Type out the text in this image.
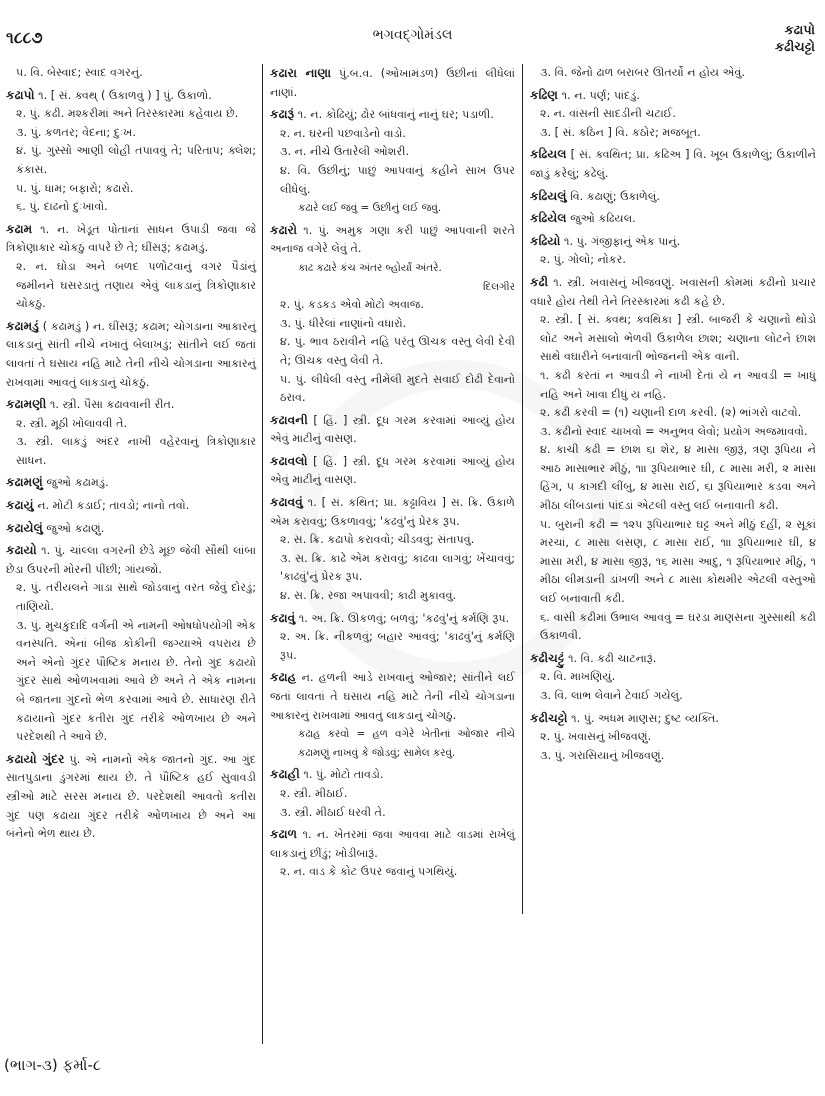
૧૮૮૭	ભગવદ્ગોમંડલ	કઢાપો
કઢીચટ્ટો
૫. વિ. બેસ્વાદ; સ્વાદ વગરનું.
કઢાપો ૧. [ સં. ક્વથ્ ( ઉકાળવું ) ] પું. ઉકાળો.
૨. પું. કઢી. મશ્કરીમાં અને તિરસ્કારમાં કહેવાય છે.
૩. પું. કળતર; વેદના; દુઃખ.
૪. પું. ગુસ્સો આણી લોહી તપાવવું તે; પરિતાપ; ક્લેશ; કંકાસ.
૫. પું. ધામ; બફારો; કઢારો.
૬. પું. દાઢનો દુઃખાવો.
કઢામ ૧. ન. ખેડૂત પોતાનાં સાધન ઉપાડી જવા જે ત્રિકોણાકાર ચોકઠું વાપરે છે તે; ઘીંસરૂં; કઢામડું.
૨. ન. ઘોડા અને બળદ પળોટવાનું વગર પૈડાંનું જમીનને ઘસરડાતું તણાય એવું લાકડાનું ત્રિકોણાકાર ચોકઠું.
કઢામડું ( કઢામડું ) ન. ઘીંસરૂં; કઢામ; ચોગડાના આકારનું લાકડાનું સાંતી નીચે નંખાતું બેલાખડું; સાંતીને લઈ જતાં લાવતાં તે ઘસાય નહિ માટે તેની નીચે ચોગડાના આકારનું રાખવામાં આવતું લાકડાનું ચોકઠું.
કઢામણી ૧. સ્ત્રી. પૈસા કઢાવવાની રીત.
૨. સ્ત્રી. મૂઠી ખોલાવવી તે.
૩. સ્ત્રી. લાકડું અંદર નાખી વહેરવાનું ત્રિકોણાકાર સાધન.
કઢામણું જુઓ કઢામડું.
કઢાયું ન. મોટી કડાઈ; તાવડો; નાનો તવો.
કઢાયેલું જુઓ કઢાણું.
કઢાયો ૧. પું. ચાંલ્લા વગરની છેડે મૂછ જેવી સૌથી લાંબા છેડા ઉપરની મોરની પીંછી; ગાંયજો.
૨. પું. તરીયલને ગાડા સાથે જોડવાનું વરત જેવું દોરડું; તાણિયો.
૩. પું. મુચકુંદાદિ વર્ગની એ નામની ઓષધોપયોગી એક વનસ્પતિ. એનાં બીજ કોકીની જગ્યાએ વપરાય છે અને એનો ગુંદર પૌષ્ટિક મનાય છે. તેનો ગુંદ કઢાયો ગુંદર સાથે ઓળખવામાં આવે છે અને તે એક નામના બે જાતના ગુંદનો ભેળ કરવામાં આવે છે. સાધારણ રીતે કઢાયાનો ગુંદર કતીરા ગુંદ તરીકે ઓળખાય છે અને પરદેશથી તે આવે છે.
કઢાયો ગુંદર પું. એ નામનો એક જાતનો ગુંદ. આ ગુંદ સાતપુડાના ડુંગરમાં થાય છે. તે પૌષ્ટિક હઈ સુવાવડી સ્ત્રીઓ માટે સરસ મનાય છે. પરદેશથી આવતો કતીરા ગુંદ પણ કઢાયા ગુંદર તરીકે ઓળખાય છે અને આ બંનેનો ભેળ થાય છે.
કઢારા નાણા પું.બ.વ. (ઓખામંડળ) ઉછીનાં લીધેલાં નાણાં.
કઢારૂં ૧. ન. કોઢિયું; ઢોર બાંધવાનું નાનું ઘર; પડાળી.
૨. ન. ઘરની પછવાડેનો વાડો.
૩. ન. નીચે ઉતારેલી ઓશરી.
૪. વિ. ઉછીનું; પાછું આપવાનું કહીને સાખ ઉપર લીધેલું.
કઢારે લઈ જવું = ઉછીનું લઈ જવું.
કઢારો ૧. પું. અમુક ગણા કરી પાછું આપવાની શરતે અનાજ વગેરે લેવું તે.
કાઢ કઢારે કંચ અંતર બ્હોર્યાં અંતરે.
દિલગીર
૨. પું. કડકડ એવો મોટો અવાજ.
૩. પું. ધીરેલાં નાણાંનો વધારો.
૪. પું. ભાવ ઠરાવીને નહિ પરંતુ ઊચક વસ્તુ લેવી દેવી તે; ઊચક વસ્તુ લેવી તે.
૫. પું. લીધેલી વસ્તુ નીમેલી મુદતે સવાઈ દોઢી દેવાનો ઠરાવ.
કઢાવની [ હિં. ] સ્ત્રી. દૂધ ગરમ કરવામાં આવ્યું હોય એવું માટીનું વાસણ.
કઢાવલો [ હિં. ] સ્ત્રી. દૂધ ગરમ કરવામાં આવ્યું હોય એવું માટીનું વાસણ.
કઢાવવું ૧. [ સં. કથિત; પ્રા. કઢ્ઢાવિય ] સ. ક્રિ. ઉકાળે એમ કરાવવું; ઉકળાવવું; 'કઢવું'નું પ્રેરક રૂપ.
૨. સ. ક્રિ. કઢાપો કરાવવો; ચીડવવું; સંતાપવું.
૩. સ. ક્રિ. કાઢે એમ કરાવવું; કાઢવા લાગવું; ખેંચાવવું; 'કાઢવું'નું પ્રેરક રૂપ.
૪. સ. ક્રિ. રજા અપાવવી; કાઢી મુકાવવું.
કઢાવું ૧. અ. ક્રિ. ઊકળવું; બળવું; 'કઢવું'નું કર્મણિ રૂપ.
૨. અ. ક્રિ. નીકળવું; બહાર આવવું; 'કાઢવું'નું કર્મણિ રૂપ.
કઢાહ ન. હળની આડે રાખવાનું ઓજાર; સાંતીને લઈ જતાં લાવતાં તે ઘસાય નહિ માટે તેની નીચે ચોગડાના આકારનું રાખવામાં આવતું લાકડાનું ચોગઠું.
કઢાહ કરવો = હળ વગેરે ખેતીનાં ઓજાર નીચે કઢામણું નાખવું કે જોડવું; સામેલ કરવું.
કઢાહી ૧. પું. મોટો તાવડો.
૨. સ્ત્રી. મીઠાઈ.
૩. સ્ત્રી. મીઠાઈ ધરવી તે.
કઢાળ ૧. ન. ખેતરમાં જવા આવવા માટે વાડમાં રાખેલું લાકડાનું છીંડું; ખોડીબારૂં.
૨. ન. વાડ કે કોટ ઉપર જવાનું પગથિયું.
૩. વિ. જેનો ઢાળ બરાબર ઊતર્યો ન હોય એવું.
કઢિણ ૧. ન. પર્ણ; પાંદડું.
૨. ન. વાંસની સાદડીની ચટાઈ.
૩. [ સં. કઠિન ] વિ. કઠોર; મજબૂત.
કઢિયલ [ સં. ક્વથિત; પ્રા. કઢિઅ ] વિ. ખૂબ ઉકાળેલું; ઉકાળીને જાડું કરેલું; કઢેલું.
કઢિયલું વિ. કઢાણું; ઉકાળેલું.
કઢિયેલ જુઓ કઢિયલ.
કઢિયો ૧. પું. ગંજીફાનું એક પાનું.
૨. પું. ગોલો; નોકર.
કઢી ૧. સ્ત્રી. ખવાસનું ખીજવણું. ખવાસની કોમમાં કઢીનો પ્રચાર વધારે હોય તેથી તેને તિરસ્કારમાં કઢી કહે છે.
૨. સ્ત્રી. [ સં. ક્વથ; ક્વથિકા ] સ્ત્રી. બાજરી કે ચણાનો થોડો લોટ અને મસાલો ભેળવી ઉકાળેલ છાશ; ચણાના લોટને છાશ સાથે વઘારીને બનાવાતી ભોજનની એક વાની.
૧. કઢી કરતાં ન આવડી ને નાખી દેતાં યે ન આવડી = ખાધું નહિ અને ખાવા દીધું ય નહિ.
૨. કઢી કરવી = (૧) ચણાની દાળ કરવી. (૨) ભાંગરો વાટવો.
૩. કઢીનો સ્વાદ ચાખવો = અનુભવ લેવો; પ્રયોગ અજમાવવો.
૪. કાચી કઢી = છાશ ૬ા શેર, ૪ માસા જીરૂં, ત્રણ રૂપિયા ને આઠ માસાભાર મીઠું, ૧ાા રૂપિયાભાર ઘી, ૮ માસા મરી, ૨ માસા હિંગ, ૫ કાગદી લીંબુ, ૪ માસા રાઈ, ૬ા રૂપિયાભાર કડવા અને મીઠા લીંબડાનાં પાંદડાં એટલી વસ્તુ લઈ બનાવાતી કઢી.
૫. બુરાની કઢી = ૧૨૫ રૂપિયાભાર ઘટ્ટ અને મીઠું દહીં, ૨ સૂકાં મરચાં, ૮ માસા લસણ, ૮ માસા રાઈ, ૧ાા રૂપિયાભાર ઘી, ૪ માસા મરી, ૪ માસા જીરૂં, ૧૬ માસા આદુ, ૧ રૂપિયાભાર મીઠું, ૧ મીઠા લીમડાની ડાંખળી અને ૮ માસા કોથમીર એટલી વસ્તુઓ લઈ બનાવાતી કઢી.
૬. વાસી કઢીમાં ઉભાલ આવવું = ઘરડા માણસના ગુસ્સાથી કઢી ઉકાળવી.
કઢીચટ્ટું ૧. વિ. કઢી ચાટનારૂં.
૨. વિ. માખણિયું.
૩. વિ. લાભ લેવાને ટેવાઈ ગયેલું.
કઢીચટ્ટો ૧. પું. અધમ માણસ; દુષ્ટ વ્યક્તિ.
૨. પું. ખવાસનું ખીજવણું.
૩. પું. ગરાસિયાનું ખીજવણું.
(ભાગ-૩) ફર્મા-૮
